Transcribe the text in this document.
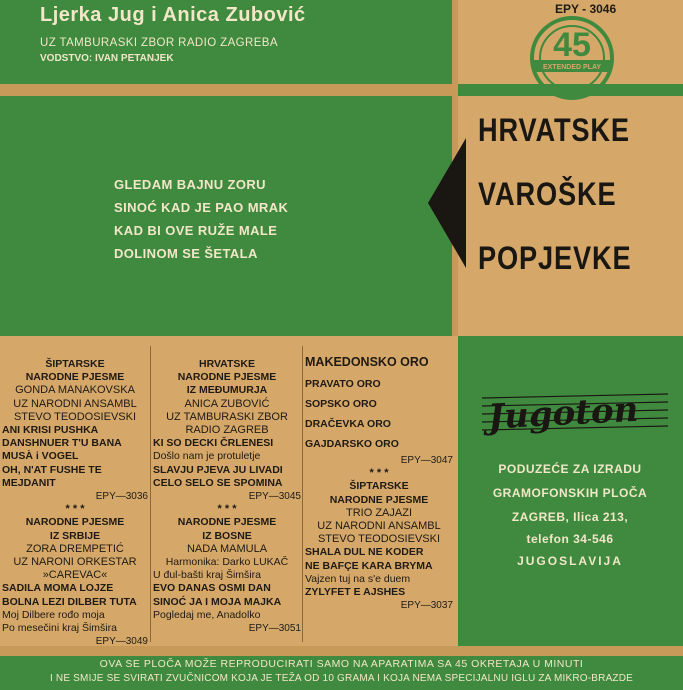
Ljerka Jug i Anica Zubović
UZ TAMBURASKI ZBOR RADIO ZAGREBA
VODSTVO: IVAN PETANJEK
EPY - 3046
45
EXTENDED PLAY
HRVATSKE
VAROŠKE
POPJEVKE
GLEDAM BAJNU ZORU
SINOĆ KAD JE PAO MRAK
KAD BI OVE RUŽE MALE
DOLINOM SE ŠETALA
ŠIPTARSKE
NARODNE PJESME
GONDA MANAKOVSKA
UZ NARODNI ANSAMBL
STEVO TEODOSIEVSKI
ANI KRISI PUSHKA
DANSHNUER T'U BANA
MUSÀ i VOGEL
OH, N'AT FUSHE TE
MEJDANIT
EPY—3036
* * *
NARODNE PJESME
IZ SRBIJE
ZORA DREMPETIĆ
UZ NARONI ORKESTAR
»CAREVAC«
SADILA MOMA LOJZE
BOLNA LEZI DILBER TUTA
Moj Dilbere rođo moja
Po mesečini kraj Šimšira
EPY—3049
HRVATSKE
NARODNE PJESME
IZ MEĐUMURJA
ANICA ZUBOVIĆ
UZ TAMBURASKI ZBOR
RADIO ZAGREB
KI SO DECKI ČRLENESI
Došlo nam je protuletje
SLAVJU PJEVA JU LIVADI
CELO SELO SE SPOMINA
EPY—3045
* * *
NARODNE PJESME
IZ BOSNE
NADA MAMULA
Harmonika: Darko LUKAČ
U đul-bašti kraj Šimšira
EVO DANAS OSMI DAN
SINOĆ JA I MOJA MAJKA
Pogledaj me, Anadolko
EPY—3051
MAKEDONSKO ORO
PRAVATO ORO
SOPSKO ORO
DRAČEVKA ORO
GAJDARSKO ORO
EPY—3047
* * *
ŠIPTARSKE
NARODNE PJESME
TRIO ZAJAZI
UZ NARODNI ANSAMBL
STEVO TEODOSIEVSKI
SHALA DUL NE KODER
NE BAFÇE KARA BRYMA
Vajzen tuj na s'e duem
ZYLYFET E AJSHES
EPY—3037
Jugoton
PODUZEĆE ZA IZRADU
GRAMOFONSKIH PLOČA
ZAGREB, Ilica 213,
telefon 34-546
JUGOSLAVIJA
OVA SE PLOČA MOŽE REPRODUCIRATI SAMO NA APARATIMA SA 45 OKRETAJA U MINUTI
I NE SMIJE SE SVIRATI ZVUČNICOM KOJA JE TEŽA OD 10 GRAMA I KOJA NEMA SPECIJALNU IGLU ZA MIKRO-BRAZDE
